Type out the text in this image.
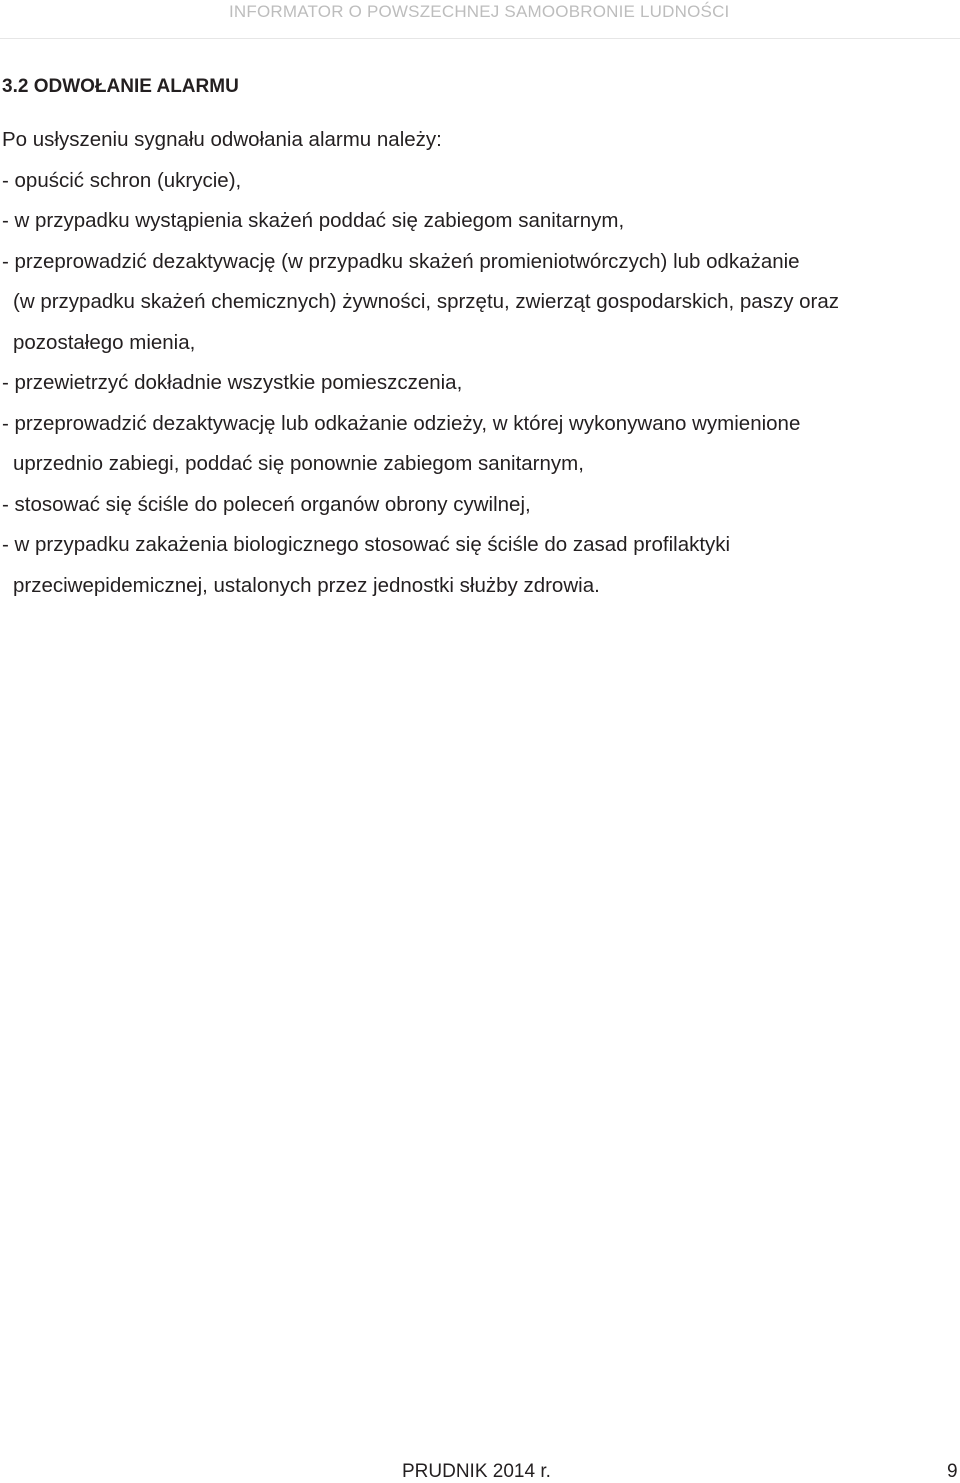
INFORMATOR O POWSZECHNEJ SAMOOBRONIE LUDNOŚCI
3.2 ODWOŁANIE ALARMU
Po usłyszeniu sygnału odwołania alarmu należy:
- opuścić schron (ukrycie),
- w przypadku wystąpienia skażeń poddać się zabiegom sanitarnym,
- przeprowadzić dezaktywację (w przypadku skażeń promieniotwórczych) lub odkażanie
(w przypadku skażeń chemicznych) żywności, sprzętu, zwierząt gospodarskich, paszy oraz
pozostałego mienia,
- przewietrzyć dokładnie wszystkie pomieszczenia,
- przeprowadzić dezaktywację lub odkażanie odzieży, w której wykonywano wymienione
uprzednio zabiegi, poddać się ponownie zabiegom sanitarnym,
- stosować się ściśle do poleceń organów obrony cywilnej,
- w przypadku zakażenia biologicznego stosować się ściśle do zasad profilaktyki
przeciwepidemicznej, ustalonych przez jednostki służby zdrowia.
PRUDNIK 2014 r.	9
